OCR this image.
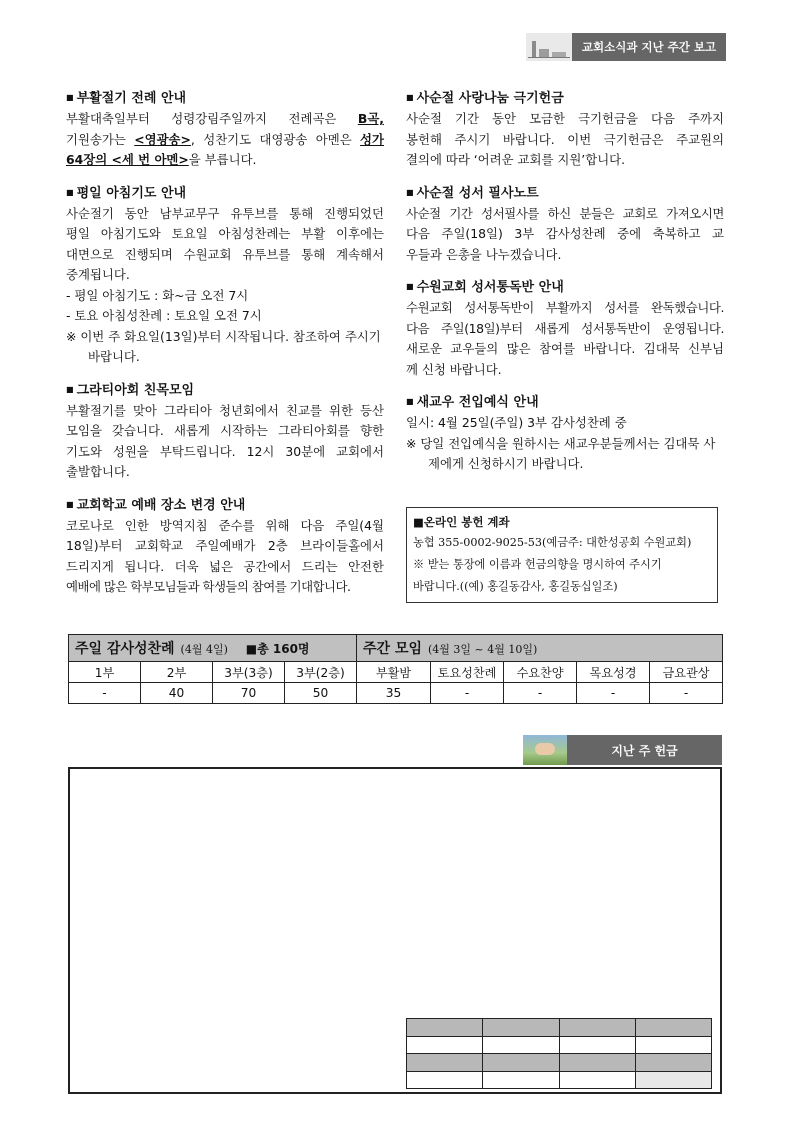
교회소식과 지난 주간 보고
■ 부활절기 전례 안내
부활대축일부터 성령강림주일까지 전례곡은 B곡,
기원송가는 <영광송>, 성찬기도 대영광송 아멘은 성가
64장의 <세 번 아멘>을 부릅니다.
■ 평일 아침기도 안내
사순절기 동안 남부교무구 유투브를 통해 진행되었던
평일 아침기도와 토요일 아침성찬례는 부활 이후에는
대면으로 진행되며 수원교회 유투브를 통해 계속해서
중계됩니다.
- 평일 아침기도 : 화~금 오전 7시
- 토요 아침성찬례 : 토요일 오전 7시
※ 이번 주 화요일(13일)부터 시작됩니다. 참조하여 주시기 바랍니다.
■ 그라티아회 친목모임
부활절기를 맞아 그라티아 청년회에서 친교를 위한 등산
모임을 갖습니다. 새롭게 시작하는 그라티아회를 향한
기도와 성원을 부탁드립니다. 12시 30분에 교회에서
출발합니다.
■ 교회학교 예배 장소 변경 안내
코로나로 인한 방역지침 준수를 위해 다음 주일(4월
18일)부터 교회학교 주일예배가 2층 브라이들홀에서
드리지게 됩니다. 더욱 넓은 공간에서 드리는 안전한
예배에 많은 학부모님들과 학생들의 참여를 기대합니다.
■ 사순절 사랑나눔 극기헌금
사순절 기간 동안 모금한 극기헌금을 다음 주까지
봉헌해 주시기 바랍니다. 이번 극기헌금은 주교원의
결의에 따라 ‘어려운 교회를 지원’합니다.
■ 사순절 성서 필사노트
사순절 기간 성서필사를 하신 분들은 교회로 가져오시면
다음 주일(18일) 3부 감사성찬례 중에 축복하고 교
우들과 은총을 나누겠습니다.
■ 수원교회 성서통독반 안내
수원교회 성서통독반이 부활까지 성서를 완독했습니다.
다음 주일(18일)부터 새롭게 성서통독반이 운영됩니다.
새로운 교우들의 많은 참여를 바랍니다. 김대묵 신부님
께 신청 바랍니다.
■ 새교우 전입예식 안내
일시: 4월 25일(주일) 3부 감사성찬례 중
※ 당일 전입예식을 원하시는 새교우분들께서는 김대묵 사제에게 신청하시기 바랍니다.
■온라인 봉헌 계좌
농협 355-0002-9025-53(예금주: 대한성공회 수원교회)
※ 받는 통장에 이름과 헌금의향을 명시하여 주시기
바랍니다.((예) 홍길동감사, 홍길동십일조)
주일 감사성찬례 (4월 4일) ■총 160명				주간 모임 (4월 3일 ~ 4월 10일)				
1부	2부	3부(3층)	3부(2층)	부활밤	토요성찬례	수요찬양	목요성경	금요관상
-	40	70	50	35	-	-	-	-
지난 주 헌금
